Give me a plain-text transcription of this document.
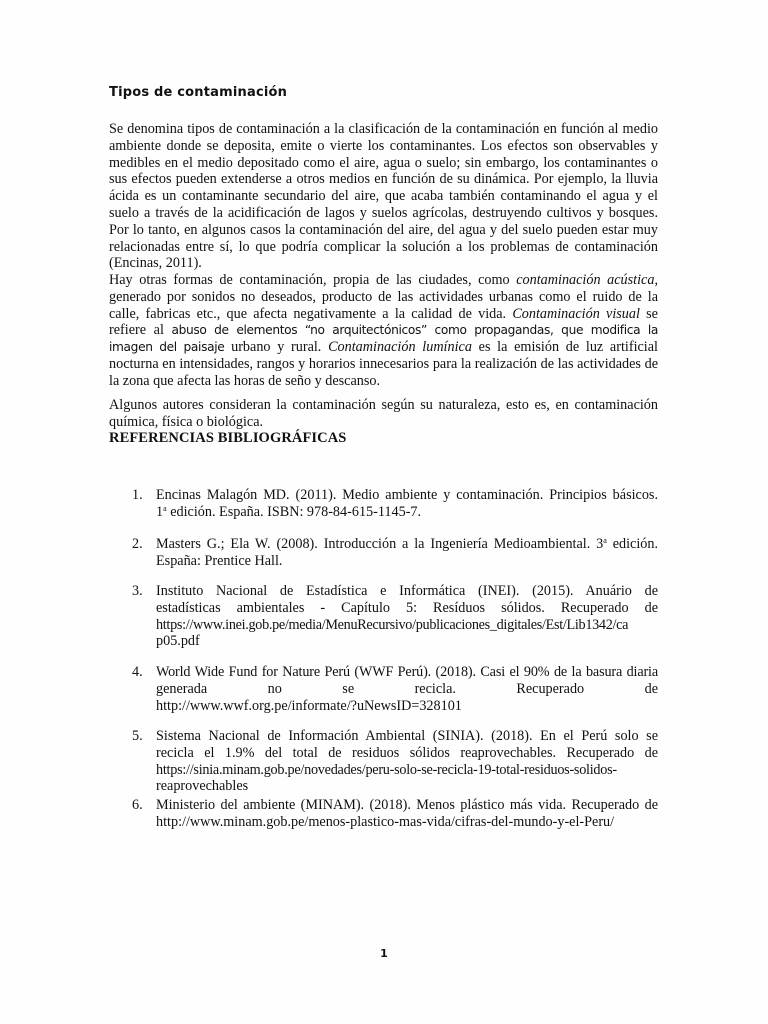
Tipos de contaminación

Se denomina tipos de contaminación a la clasificación de la contaminación en función al medio ambiente donde se deposita, emite o vierte los contaminantes. Los efectos son observables y medibles en el medio depositado como el aire, agua o suelo; sin embargo, los contaminantes o sus efectos pueden extenderse a otros medios en función de su dinámica. Por ejemplo, la lluvia ácida es un contaminante secundario del aire, que acaba también contaminando el agua y el suelo a través de la acidificación de lagos y suelos agrícolas, destruyendo cultivos y bosques. Por lo tanto, en algunos casos la contaminación del aire, del agua y del suelo pueden estar muy relacionadas entre sí, lo que podría complicar la solución a los problemas de contaminación (Encinas, 2011).

Hay otras formas de contaminación, propia de las ciudades, como contaminación acústica, generado por sonidos no deseados, producto de las actividades urbanas como el ruido de la calle, fabricas etc., que afecta negativamente a la calidad de vida. Contaminación visual se refiere al abuso de elementos “no arquitectónicos” como propagandas, que modifica la imagen del paisaje urbano y rural. Contaminación lumínica es la emisión de luz artificial nocturna en intensidades, rangos y horarios innecesarios para la realización de las actividades de la zona que afecta las horas de seño y descanso.

Algunos autores consideran la contaminación según su naturaleza, esto es, en contaminación química, física o biológica.

REFERENCIAS BIBLIOGRÁFICAS
1. Encinas Malagón MD. (2011). Medio ambiente y contaminación. Principios básicos.
1$^a$ edición. España. ISBN: 978-84-615-1145-7.
2. Masters G.; Ela W. (2008). Introducción a la Ingeniería Medioambiental. 3$^a$ edición.
España: Prentice Hall.
3. Instituto Nacional de Estadística e Informática (INEI). (2015). Anuário de
estadísticas ambientales - Capítulo 5: Resíduos sólidos. Recuperado de
https://www.inei.gob.pe/media/MenuRecursivo/publicaciones_digitales/Est/Lib1342/ca
p05.pdf
4. World Wide Fund for Nature Perú (WWF Perú). (2018). Casi el 90% de la basura diaria
generada no se recicla. Recuperado de
http://www.wwf.org.pe/informate/?uNewsID=328101
5. Sistema Nacional de Información Ambiental (SINIA). (2018). En el Perú solo se
recicla el 1.9% del total de residuos sólidos reaprovechables. Recuperado de
https://sinia.minam.gob.pe/novedades/peru-solo-se-recicla-19-total-residuos-solidos-
reaprovechables
6. Ministerio del ambiente (MINAM). (2018). Menos plástico más vida. Recuperado de
http://www.minam.gob.pe/menos-plastico-mas-vida/cifras-del-mundo-y-el-Peru/
1
